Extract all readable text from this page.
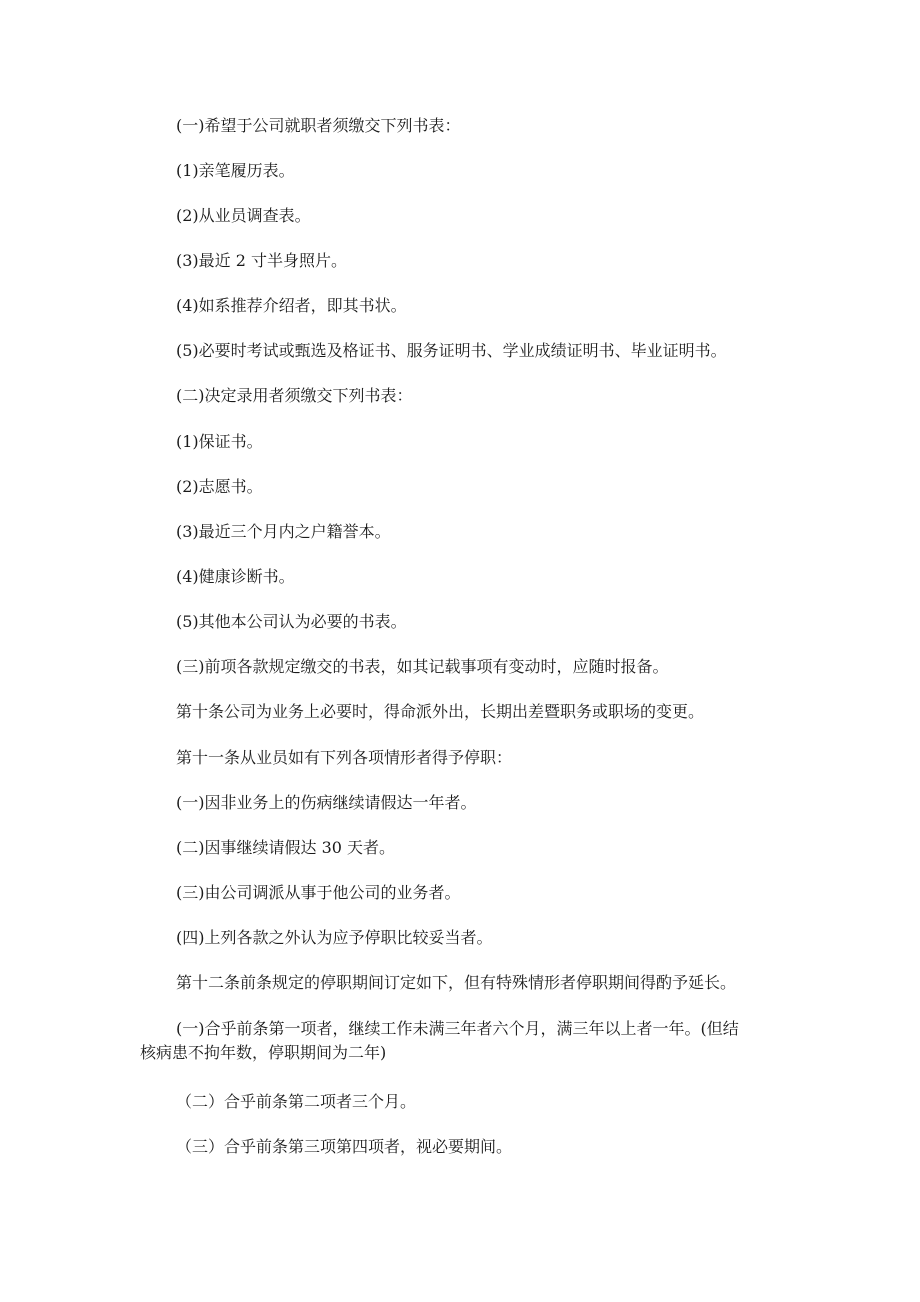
(一)希望于公司就职者须缴交下列书表：

(1)亲笔履历表。

(2)从业员调查表。

(3)最近 2 寸半身照片。

(4)如系推荐介绍者，即其书状。

(5)必要时考试或甄选及格证书、服务证明书、学业成绩证明书、毕业证明书。

(二)决定录用者须缴交下列书表：

(1)保证书。

(2)志愿书。

(3)最近三个月内之户籍誉本。

(4)健康诊断书。

(5)其他本公司认为必要的书表。

(三)前项各款规定缴交的书表，如其记载事项有变动时，应随时报备。

第十条公司为业务上必要时，得命派外出，长期出差暨职务或职场的变更。

第十一条从业员如有下列各项情形者得予停职：

(一)因非业务上的伤病继续请假达一年者。

(二)因事继续请假达 30 天者。

(三)由公司调派从事于他公司的业务者。

(四)上列各款之外认为应予停职比较妥当者。

第十二条前条规定的停职期间订定如下，但有特殊情形者停职期间得酌予延长。

(一)合乎前条第一项者，继续工作未满三年者六个月，满三年以上者一年。(但结核病患不拘年数，停职期间为二年)

（二）合乎前条第二项者三个月。

（三）合乎前条第三项第四项者，视必要期间。
